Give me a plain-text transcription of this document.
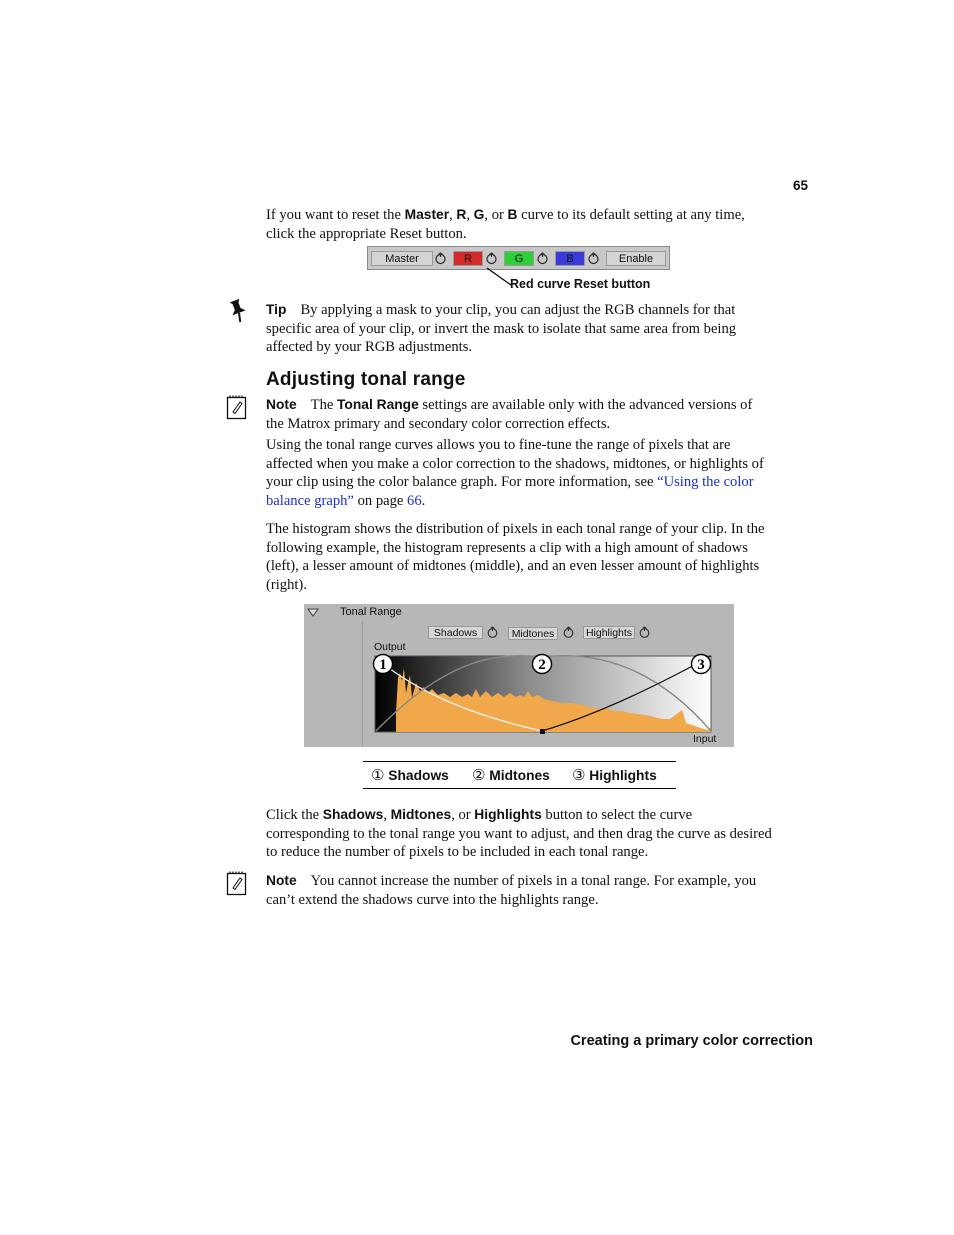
65
If you want to reset the Master, R, G, or B curve to its default setting at any time, click the appropriate Reset button.
Master	R	G	B	Enable
Red curve Reset button
Tip By applying a mask to your clip, you can adjust the RGB channels for that specific area of your clip, or invert the mask to isolate that same area from being affected by your RGB adjustments.
Adjusting tonal range
Note The Tonal Range settings are available only with the advanced versions of the Matrox primary and secondary color correction effects.
Using the tonal range curves allows you to fine-tune the range of pixels that are affected when you make a color correction to the shadows, midtones, or highlights of your clip using the color balance graph. For more information, see “Using the color balance graph” on page 66.
The histogram shows the distribution of pixels in each tonal range of your clip. In the following example, the histogram represents a clip with a high amount of shadows (left), a lesser amount of midtones (middle), and an even lesser amount of highlights (right).
Tonal Range
Shadows	Midtones	Highlights
Output
Input
1	2	3
① Shadows ② Midtones ③ Highlights
Click the Shadows, Midtones, or Highlights button to select the curve corresponding to the tonal range you want to adjust, and then drag the curve as desired to reduce the number of pixels to be included in each tonal range.
Note You cannot increase the number of pixels in a tonal range. For example, you can’t extend the shadows curve into the highlights range.
Creating a primary color correction
